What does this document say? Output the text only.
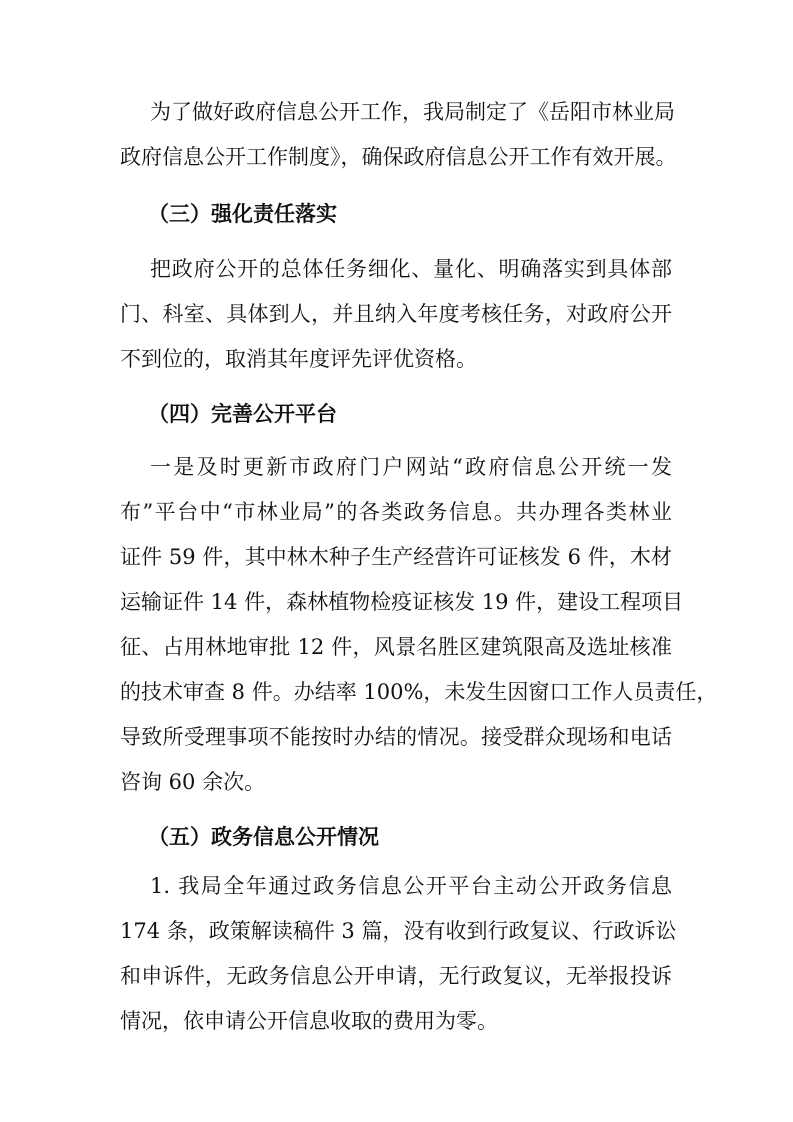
为了做好政府信息公开工作，我局制定了《岳阳市林业局
政府信息公开工作制度》，确保政府信息公开工作有效开展。
（三）强化责任落实
把政府公开的总体任务细化、量化、明确落实到具体部
门、科室、具体到人，并且纳入年度考核任务，对政府公开
不到位的，取消其年度评先评优资格。
（四）完善公开平台
一是及时更新市政府门户网站“政府信息公开统一发
布”平台中“市林业局”的各类政务信息。共办理各类林业
证件 59 件，其中林木种子生产经营许可证核发 6 件，木材
运输证件 14 件，森林植物检疫证核发 19 件，建设工程项目
征、占用林地审批 12 件，风景名胜区建筑限高及选址核准
的技术审查 8 件。办结率 100%，未发生因窗口工作人员责任，
导致所受理事项不能按时办结的情况。接受群众现场和电话
咨询 60 余次。
（五）政务信息公开情况
1. 我局全年通过政务信息公开平台主动公开政务信息
174 条，政策解读稿件 3 篇，没有收到行政复议、行政诉讼
和申诉件，无政务信息公开申请，无行政复议，无举报投诉
情况，依申请公开信息收取的费用为零。
